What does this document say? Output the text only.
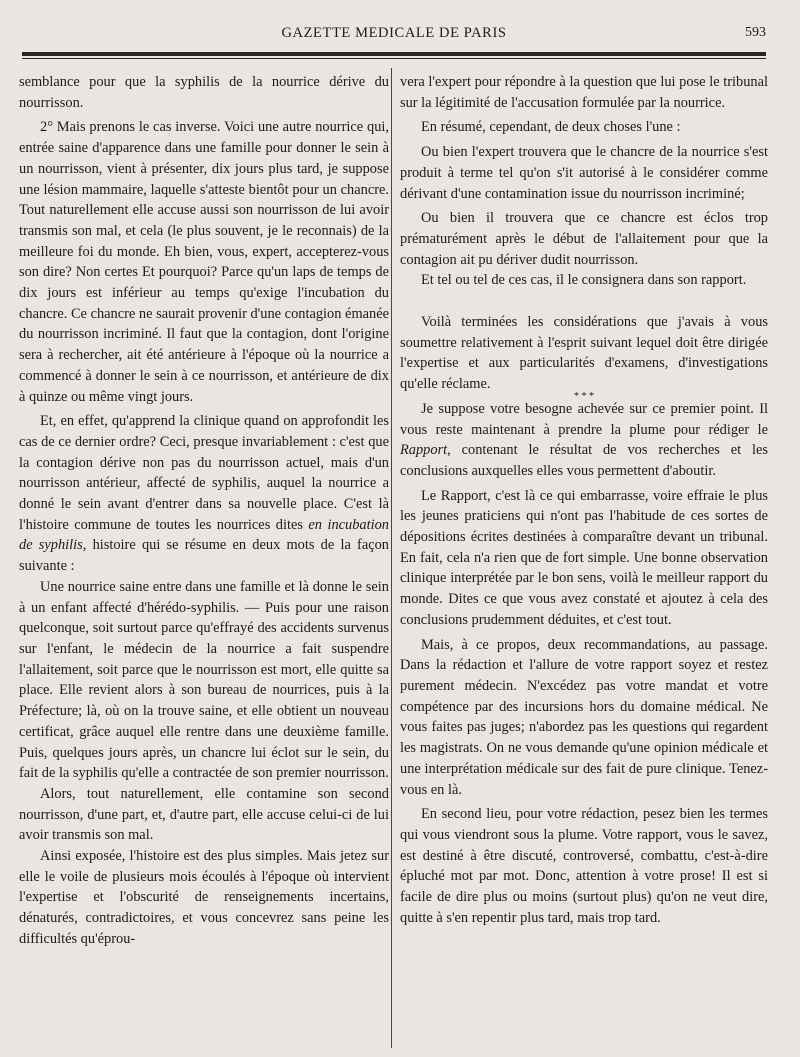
GAZETTE MEDICALE DE PARIS	593

semblance pour que la syphilis de la nourrice dérive du nourrisson.

2° Mais prenons le cas inverse. Voici une autre nourrice qui, entrée saine d'apparence dans une famille pour donner le sein à un nourrisson, vient à présenter, dix jours plus tard, je suppose une lésion mammaire, laquelle s'atteste bientôt pour un chancre. Tout naturellement elle accuse aussi son nourrisson de lui avoir transmis son mal, et cela (le plus souvent, je le reconnais) de la meilleure foi du monde. Eh bien, vous, expert, accepterez-vous son dire? Non certes Et pourquoi? Parce qu'un laps de temps de dix jours est inférieur au temps qu'exige l'incubation du chancre. Ce chancre ne saurait provenir d'une contagion émanée du nourrisson incriminé. Il faut que la contagion, dont l'origine sera à rechercher, ait été antérieure à l'époque où la nourrice a commencé à donner le sein à ce nourrisson, et antérieure de dix à quinze ou même vingt jours.

Et, en effet, qu'apprend la clinique quand on approfondit les cas de ce dernier ordre? Ceci, presque invariablement : c'est que la contagion dérive non pas du nourrisson actuel, mais d'un nourrisson antérieur, affecté de syphilis, auquel la nourrice a donné le sein avant d'entrer dans sa nouvelle place. C'est là l'histoire commune de toutes les nourrices dites en incubation de syphilis, histoire qui se résume en deux mots de la façon suivante :

Une nourrice saine entre dans une famille et là donne le sein à un enfant affecté d'hérédo-syphilis. — Puis pour une raison quelconque, soit surtout parce qu'effrayé des accidents survenus sur l'enfant, le médecin de la nourrice a fait suspendre l'allaitement, soit parce que le nourrisson est mort, elle quitte sa place. Elle revient alors à son bureau de nourrices, puis à la Préfecture; là, où on la trouve saine, et elle obtient un nouveau certificat, grâce auquel elle rentre dans une deuxième famille. Puis, quelques jours après, un chancre lui éclot sur le sein, du fait de la syphilis qu'elle a contractée de son premier nourrisson.

Alors, tout naturellement, elle contamine son second nourrisson, d'une part, et, d'autre part, elle accuse celui-ci de lui avoir transmis son mal.

Ainsi exposée, l'histoire est des plus simples. Mais jetez sur elle le voile de plusieurs mois écoulés à l'époque où intervient l'expertise et l'obscurité de renseignements incertains, dénaturés, contradictoires, et vous concevrez sans peine les difficultés qu'éprou-

vera l'expert pour répondre à la question que lui pose le tribunal sur la légitimité de l'accusation formulée par la nourrice.

En résumé, cependant, de deux choses l'une :

Ou bien l'expert trouvera que le chancre de la nourrice s'est produit à terme tel qu'on s'it autorisé à le considérer comme dérivant d'une contamination issue du nourrisson incriminé;

Ou bien il trouvera que ce chancre est éclos trop prématurément après le début de l'allaitement pour que la contagion ait pu dériver dudit nourrisson.

Et tel ou tel de ces cas, il le consignera dans son rapport.

Voilà terminées les considérations que j'avais à vous soumettre relativement à l'esprit suivant lequel doit être dirigée l'expertise et aux particularités d'examens, d'investigations qu'elle réclame.

* * *

Je suppose votre besogne achevée sur ce premier point. Il vous reste maintenant à prendre la plume pour rédiger le Rapport, contenant le résultat de vos recherches et les conclusions auxquelles elles vous permettent d'aboutir.

Le Rapport, c'est là ce qui embarrasse, voire effraie le plus les jeunes praticiens qui n'ont pas l'habitude de ces sortes de dépositions écrites destinées à comparaître devant un tribunal. En fait, cela n'a rien que de fort simple. Une bonne observation clinique interprétée par le bon sens, voilà le meilleur rapport du monde. Dites ce que vous avez constaté et ajoutez à cela des conclusions prudemment déduites, et c'est tout.

Mais, à ce propos, deux recommandations, au passage. Dans la rédaction et l'allure de votre rapport soyez et restez purement médecin. N'excédez pas votre mandat et votre compétence par des incursions hors du domaine médical. Ne vous faites pas juges; n'abordez pas les questions qui regardent les magistrats. On ne vous demande qu'une opinion médicale et une interprétation médicale sur des fait de pure clinique. Tenez-vous en là.

En second lieu, pour votre rédaction, pesez bien les termes qui vous viendront sous la plume. Votre rapport, vous le savez, est destiné à être discuté, controversé, combattu, c'est-à-dire épluché mot par mot. Donc, attention à votre prose! Il est si facile de dire plus ou moins (surtout plus) qu'on ne veut dire, quitte à s'en repentir plus tard, mais trop tard.
